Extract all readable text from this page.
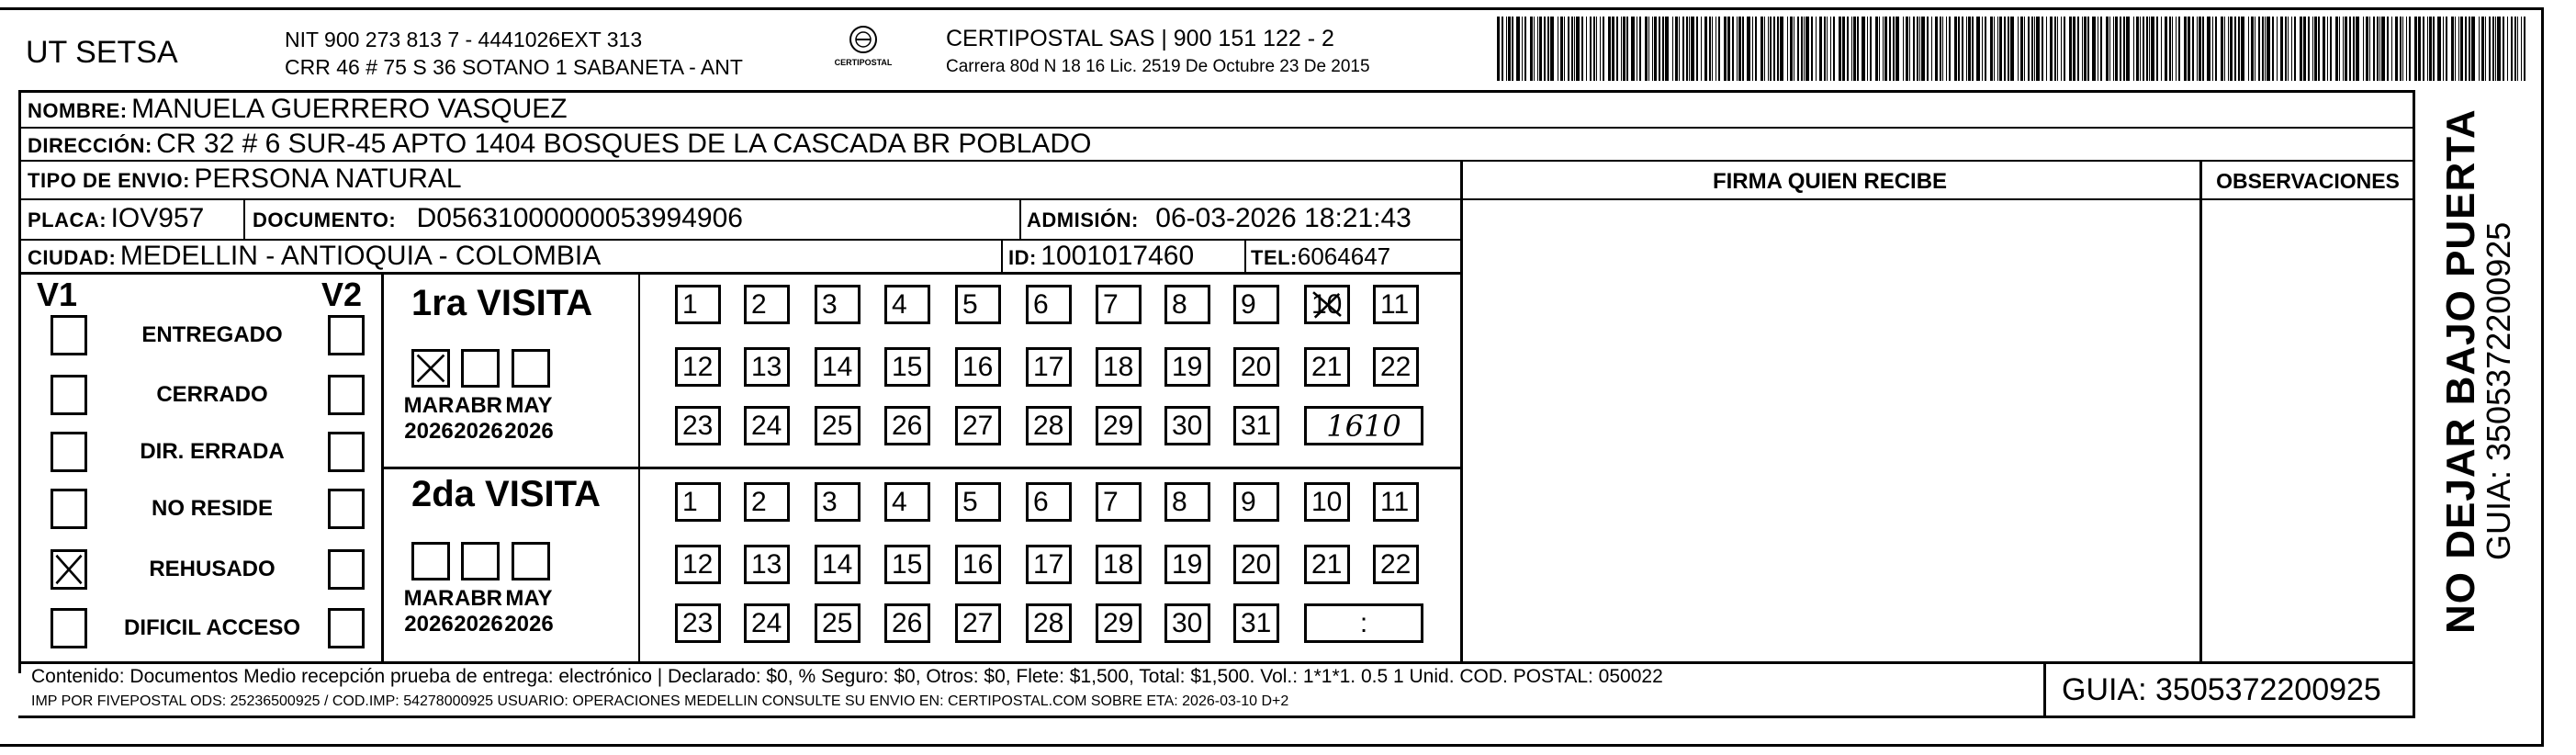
UT SETSA	NIT 900 273 813 7 - 4441026EXT 313
CRR 46 # 75 S 36 SOTANO 1 SABANETA - ANT	CERTIPOSTAL
CERTIPOSTAL SAS | 900 151 122 - 2
Carrera 80d N 18 16 Lic. 2519 De Octubre 23 De 2015
NOMBRE: MANUELA GUERRERO VASQUEZ
DIRECCIÓN: CR 32 # 6 SUR-45 APTO 1404 BOSQUES DE LA CASCADA BR POBLADO
TIPO DE ENVIO: PERSONA NATURAL
PLACA: IOV957 DOCUMENTO: D05631000000053994906	ADMISIÓN: 06-03-2026 18:21:43
CIUDAD: MEDELLIN - ANTIOQUIA - COLOMBIA	ID: 1001017460	TEL:6064647
FIRMA QUIEN RECIBE	OBSERVACIONES
V1	V2
ENTREGADO
CERRADO
DIR. ERRADA
NO RESIDE
REHUSADO
DIFICIL ACCESO
1ra VISITA
MAR
2026
ABR
2026
MAY
2026
1	2	3	4	5	6	7	8	9	10 11
12 13 14 15 16 17 18 19 20 21 22
23 24 25 26 27 28 29 30 31	1610
2da VISITA
MAR
2026
ABR
2026
MAY
2026
1	2	3	4	5	6	7	8	9	10 11
12 13 14 15 16 17 18 19 20 21 22
23 24 25 26 27 28 29 30 31	:
Contenido: Documentos Medio recepción prueba de entrega: electrónico | Declarado: $0, % Seguro: $0, Otros: $0, Flete: $1,500, Total: $1,500. Vol.: 1*1*1. 0.5 1 Unid. COD. POSTAL: 050022
IMP POR FIVEPOSTAL ODS: 25236500925 / COD.IMP: 54278000925 USUARIO: OPERACIONES MEDELLIN CONSULTE SU ENVIO EN: CERTIPOSTAL.COM SOBRE ETA: 2026-03-10 D+2	GUIA: 3505372200925
NO DEJAR BAJO PUERTA
GUIA: 3505372200925
